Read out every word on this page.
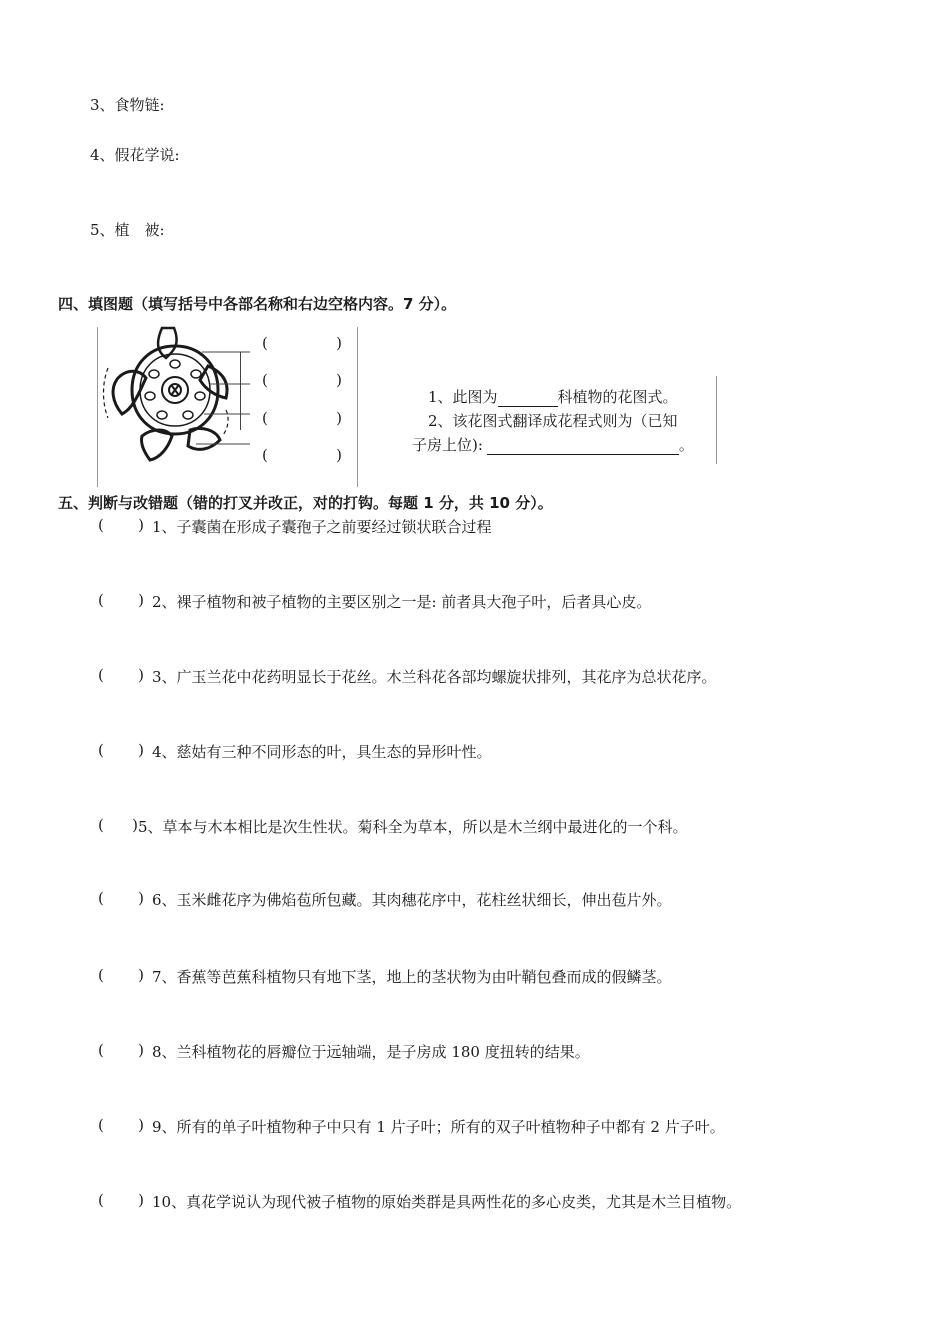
3、食物链:
4、假花学说:
5、植　被:
四、填图题（填写括号中各部名称和右边空格内容。7 分）。
(	)
(	)
(	)
(	)
1、此图为	科植物的花图式。
2、该花图式翻译成花程式则为（已知
子房上位):	。
五、判断与改错题（错的打叉并改正，对的打钩。每题 1 分，共 10 分）。
( ) 1、子囊菌在形成子囊孢子之前要经过锁状联合过程
( ) 2、裸子植物和被子植物的主要区别之一是: 前者具大孢子叶，后者具心皮。
( ) 3、广玉兰花中花药明显长于花丝。木兰科花各部均螺旋状排列，其花序为总状花序。
( ) 4、慈姑有三种不同形态的叶，具生态的异形叶性。
( ) 5、草本与木本相比是次生性状。菊科全为草本，所以是木兰纲中最进化的一个科。
( ) 6、玉米雌花序为佛焰苞所包藏。其肉穗花序中，花柱丝状细长，伸出苞片外。
( ) 7、香蕉等芭蕉科植物只有地下茎，地上的茎状物为由叶鞘包叠而成的假鳞茎。
( ) 8、兰科植物花的唇瓣位于远轴端，是子房成 180 度扭转的结果。
( ) 9、所有的单子叶植物种子中只有 1 片子叶；所有的双子叶植物种子中都有 2 片子叶。
( ) 10、真花学说认为现代被子植物的原始类群是具两性花的多心皮类，尤其是木兰目植物。
